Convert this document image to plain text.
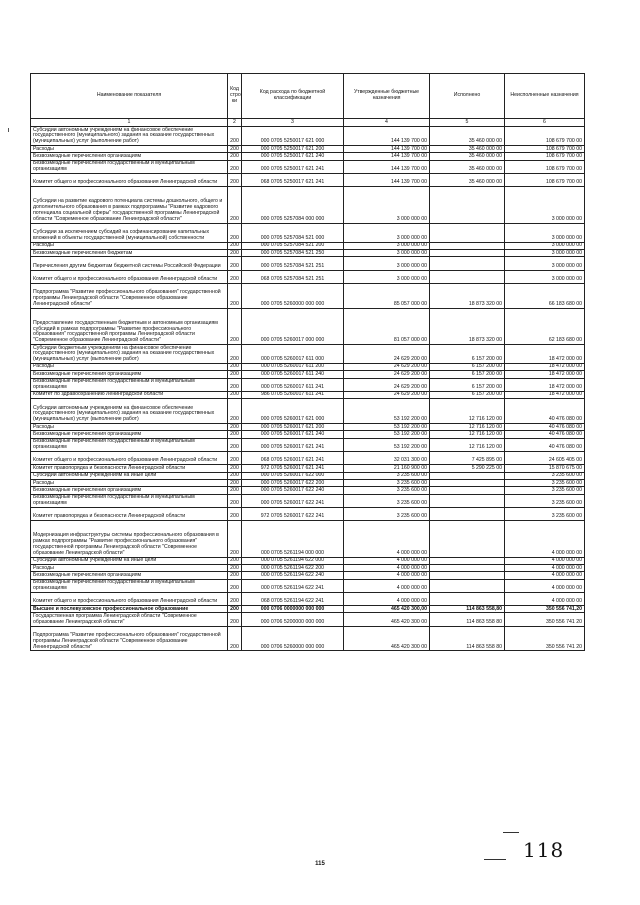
Наименование показателя	Код стро ки	Код расхода по бюджетной классификации	Утвержденные бюджетные назначения	Исполнено	Неисполненные назначения
1	2	3	4	5	6
Субсидии автономным учреждениям на финансовое обеспечение государственного (муниципального) задания на оказание государственных (муниципальных) услуг (выполнение работ)	200	000 0705 5250017 621 000	144 139 700 00	35 460 000 00	108 679 700 00
Расходы	200	000 0705 5250017 621 200	144 139 700 00	35 460 000 00	108 679 700 00
Безвозмездные перечисления организациям	200	000 0705 5250017 621 240	144 139 700 00	35 460 000 00	108 679 700 00
Безвозмездные перечисления государственным и муниципальным организациям	200	000 0705 5250017 621 241	144 139 700 00	35 460 000 00	108 679 700 00
Комитет общего и профессионального образования Ленинградской области	200	068 0705 5250017 621 241	144 139 700 00	35 460 000 00	108 679 700 00
Субсидии на развитие кадрового потенциала системы дошкольного, общего и дополнительного образования в рамках подпрограммы "Развитие кадрового потенциала социальной сферы" государственной программы Ленинградской области "Современное образование Ленинградской области"	200	000 0705 5257084 000 000	3 000 000 00		3 000 000 00
Субсидии за исключением субсидий на софинансирование капитальных вложений в объекты государственной (муниципальной) собственности	200	000 0705 5257084 521 000	3 000 000 00		3 000 000 00
Расходы	200	000 0705 5257084 521 200	3 000 000 00		3 000 000 00
Безвозмездные перечисления бюджетам	200	000 0705 5257084 521 250	3 000 000 00		3 000 000 00
Перечисления другим бюджетам бюджетной системы Российской Федерации	200	000 0705 5257084 521 251	3 000 000 00		3 000 000 00
Комитет общего и профессионального образования Ленинградской области	200	068 0705 5257084 521 251	3 000 000 00		3 000 000 00
Подпрограмма "Развитие профессионального образования" государственной программы Ленинградской области "Современное образование Ленинградской области"	200	000 0705 5260000 000 000	85 057 000 00	18 873 320 00	66 183 680 00
Предоставление государственным бюджетным и автономным организациям субсидий в рамках подпрограммы "Развитие профессионального образования" государственной программы Ленинградской области "Современное образование Ленинградской области"	200	000 0705 5260017 000 000	81 057 000 00	18 873 320 00	62 183 680 00
Субсидии бюджетным учреждениям на финансовое обеспечение государственного (муниципального) задания на оказание государственных (муниципальных) услуг (выполнение работ)	200	000 0705 5260017 611 000	24 629 200 00	6 157 200 00	18 472 000 00
Расходы	200	000 0705 5260017 611 200	24 629 200 00	6 157 200 00	18 472 000 00
Безвозмездные перечисления организациям	200	000 0705 5260017 611 240	24 629 200 00	6 157 200 00	18 472 000 00
Безвозмездные перечисления государственным и муниципальным организациям	200	000 0705 5260017 611 241	24 629 200 00	6 157 200 00	18 472 000 00
Комитет по здравоохранению Ленинградской области	200	986 0705 5260017 611 241	24 629 200 00	6 157 200 00	18 472 000 00
Субсидии автономным учреждениям на финансовое обеспечение государственного (муниципального) задания на оказание государственных (муниципальных) услуг (выполнение работ)	200	000 0705 5260017 621 000	53 192 200 00	12 716 120 00	40 476 080 00
Расходы	200	000 0705 5260017 621 200	53 192 200 00	12 716 120 00	40 476 080 00
Безвозмездные перечисления организациям	200	000 0705 5260017 621 240	53 192 200 00	12 716 120 00	40 476 080 00
Безвозмездные перечисления государственным и муниципальным организациям	200	000 0705 5260017 621 241	53 192 200 00	12 716 120 00	40 476 080 00
Комитет общего и профессионального образования Ленинградской области	200	068 0705 5260017 621 241	32 031 300 00	7 425 895 00	24 605 405 00
Комитет правопорядка и безопасности Ленинградской области	200	972 0705 5260017 621 241	21 160 900 00	5 290 225 00	15 870 675 00
Субсидии автономным учреждениям на иные цели	200	000 0705 5260017 622 000	3 235 600 00		3 235 600 00
Расходы	200	000 0705 5260017 622 200	3 235 600 00		3 235 600 00
Безвозмездные перечисления организациям	200	000 0705 5260017 622 240	3 235 600 00		3 235 600 00
Безвозмездные перечисления государственным и муниципальным организациям	200	000 0705 5260017 622 241	3 235 600 00		3 235 600 00
Комитет правопорядка и безопасности Ленинградской области	200	972 0705 5260017 622 241	3 235 600 00		3 235 600 00
Модернизация инфраструктуры системы профессионального образования в рамках подпрограммы "Развитие профессионального образования" государственной программы Ленинградской области "Современное образование Ленинградской области"	200	000 0705 5261194 000 000	4 000 000 00		4 000 000 00
Субсидии автономным учреждениям на иные цели	200	000 0705 5261194 622 000	4 000 000 00		4 000 000 00
Расходы	200	000 0705 5261194 622 200	4 000 000 00		4 000 000 00
Безвозмездные перечисления организациям	200	000 0705 5261194 622 240	4 000 000 00		4 000 000 00
Безвозмездные перечисления государственным и муниципальным организациям	200	000 0705 5261194 622 241	4 000 000 00		4 000 000 00
Комитет общего и профессионального образования Ленинградской области	200	068 0705 5261194 622 241	4 000 000 00		4 000 000 00
Высшее и послевузовское профессиональное образование	200	000 0706 0000000 000 000	465 420 300,00	114 863 558,80	350 556 741,20
Государственная программа Ленинградской области "Современное образование Ленинградской области"	200	000 0706 5200000 000 000	465 420 300 00	114 863 558 80	350 556 741 20
Подпрограмма "Развитие профессионального образования" государственной программы Ленинградской области "Современное образование Ленинградской области"	200	000 0706 5260000 000 000	465 420 300 00	114 863 558 80	350 556 741 20
118
115
